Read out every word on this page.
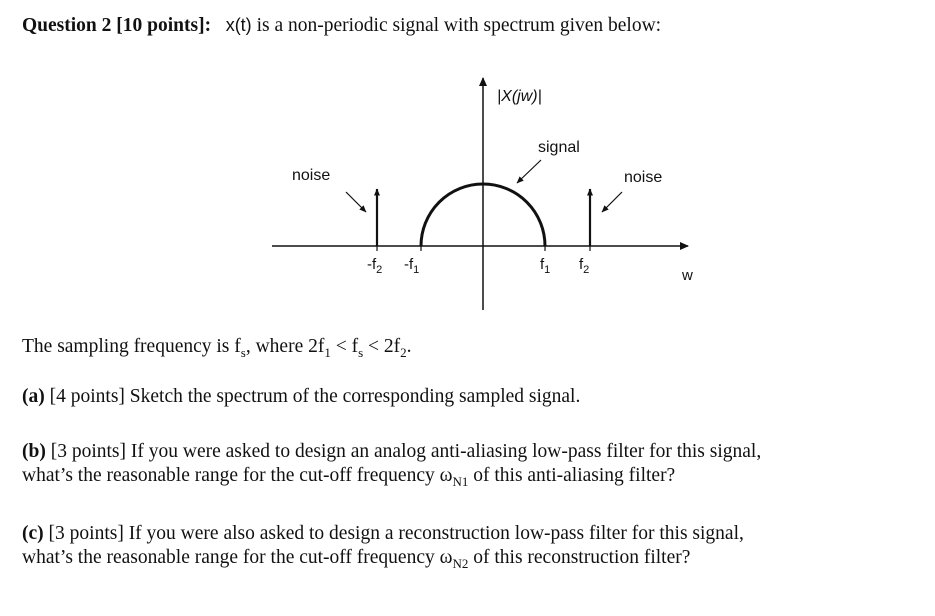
Question 2 [10 points]: x(t) is a non-periodic signal with spectrum given below:
|X(jw)|
signal
noise	noise
w
$-f_2$ $-f_1$	$f_1$ $f_2$
The sampling frequency is $f_s$, where $2f_1 < f_s < 2f_2$.
(a) [4 points] Sketch the spectrum of the corresponding sampled signal.
(b) [3 points] If you were asked to design an analog anti-aliasing low-pass filter for this signal,
what’s the reasonable range for the cut-off frequency $\omega_{N1}$ of this anti-aliasing filter?
(c) [3 points] If you were also asked to design a reconstruction low-pass filter for this signal,
what’s the reasonable range for the cut-off frequency $\omega_{N2}$ of this reconstruction filter?
